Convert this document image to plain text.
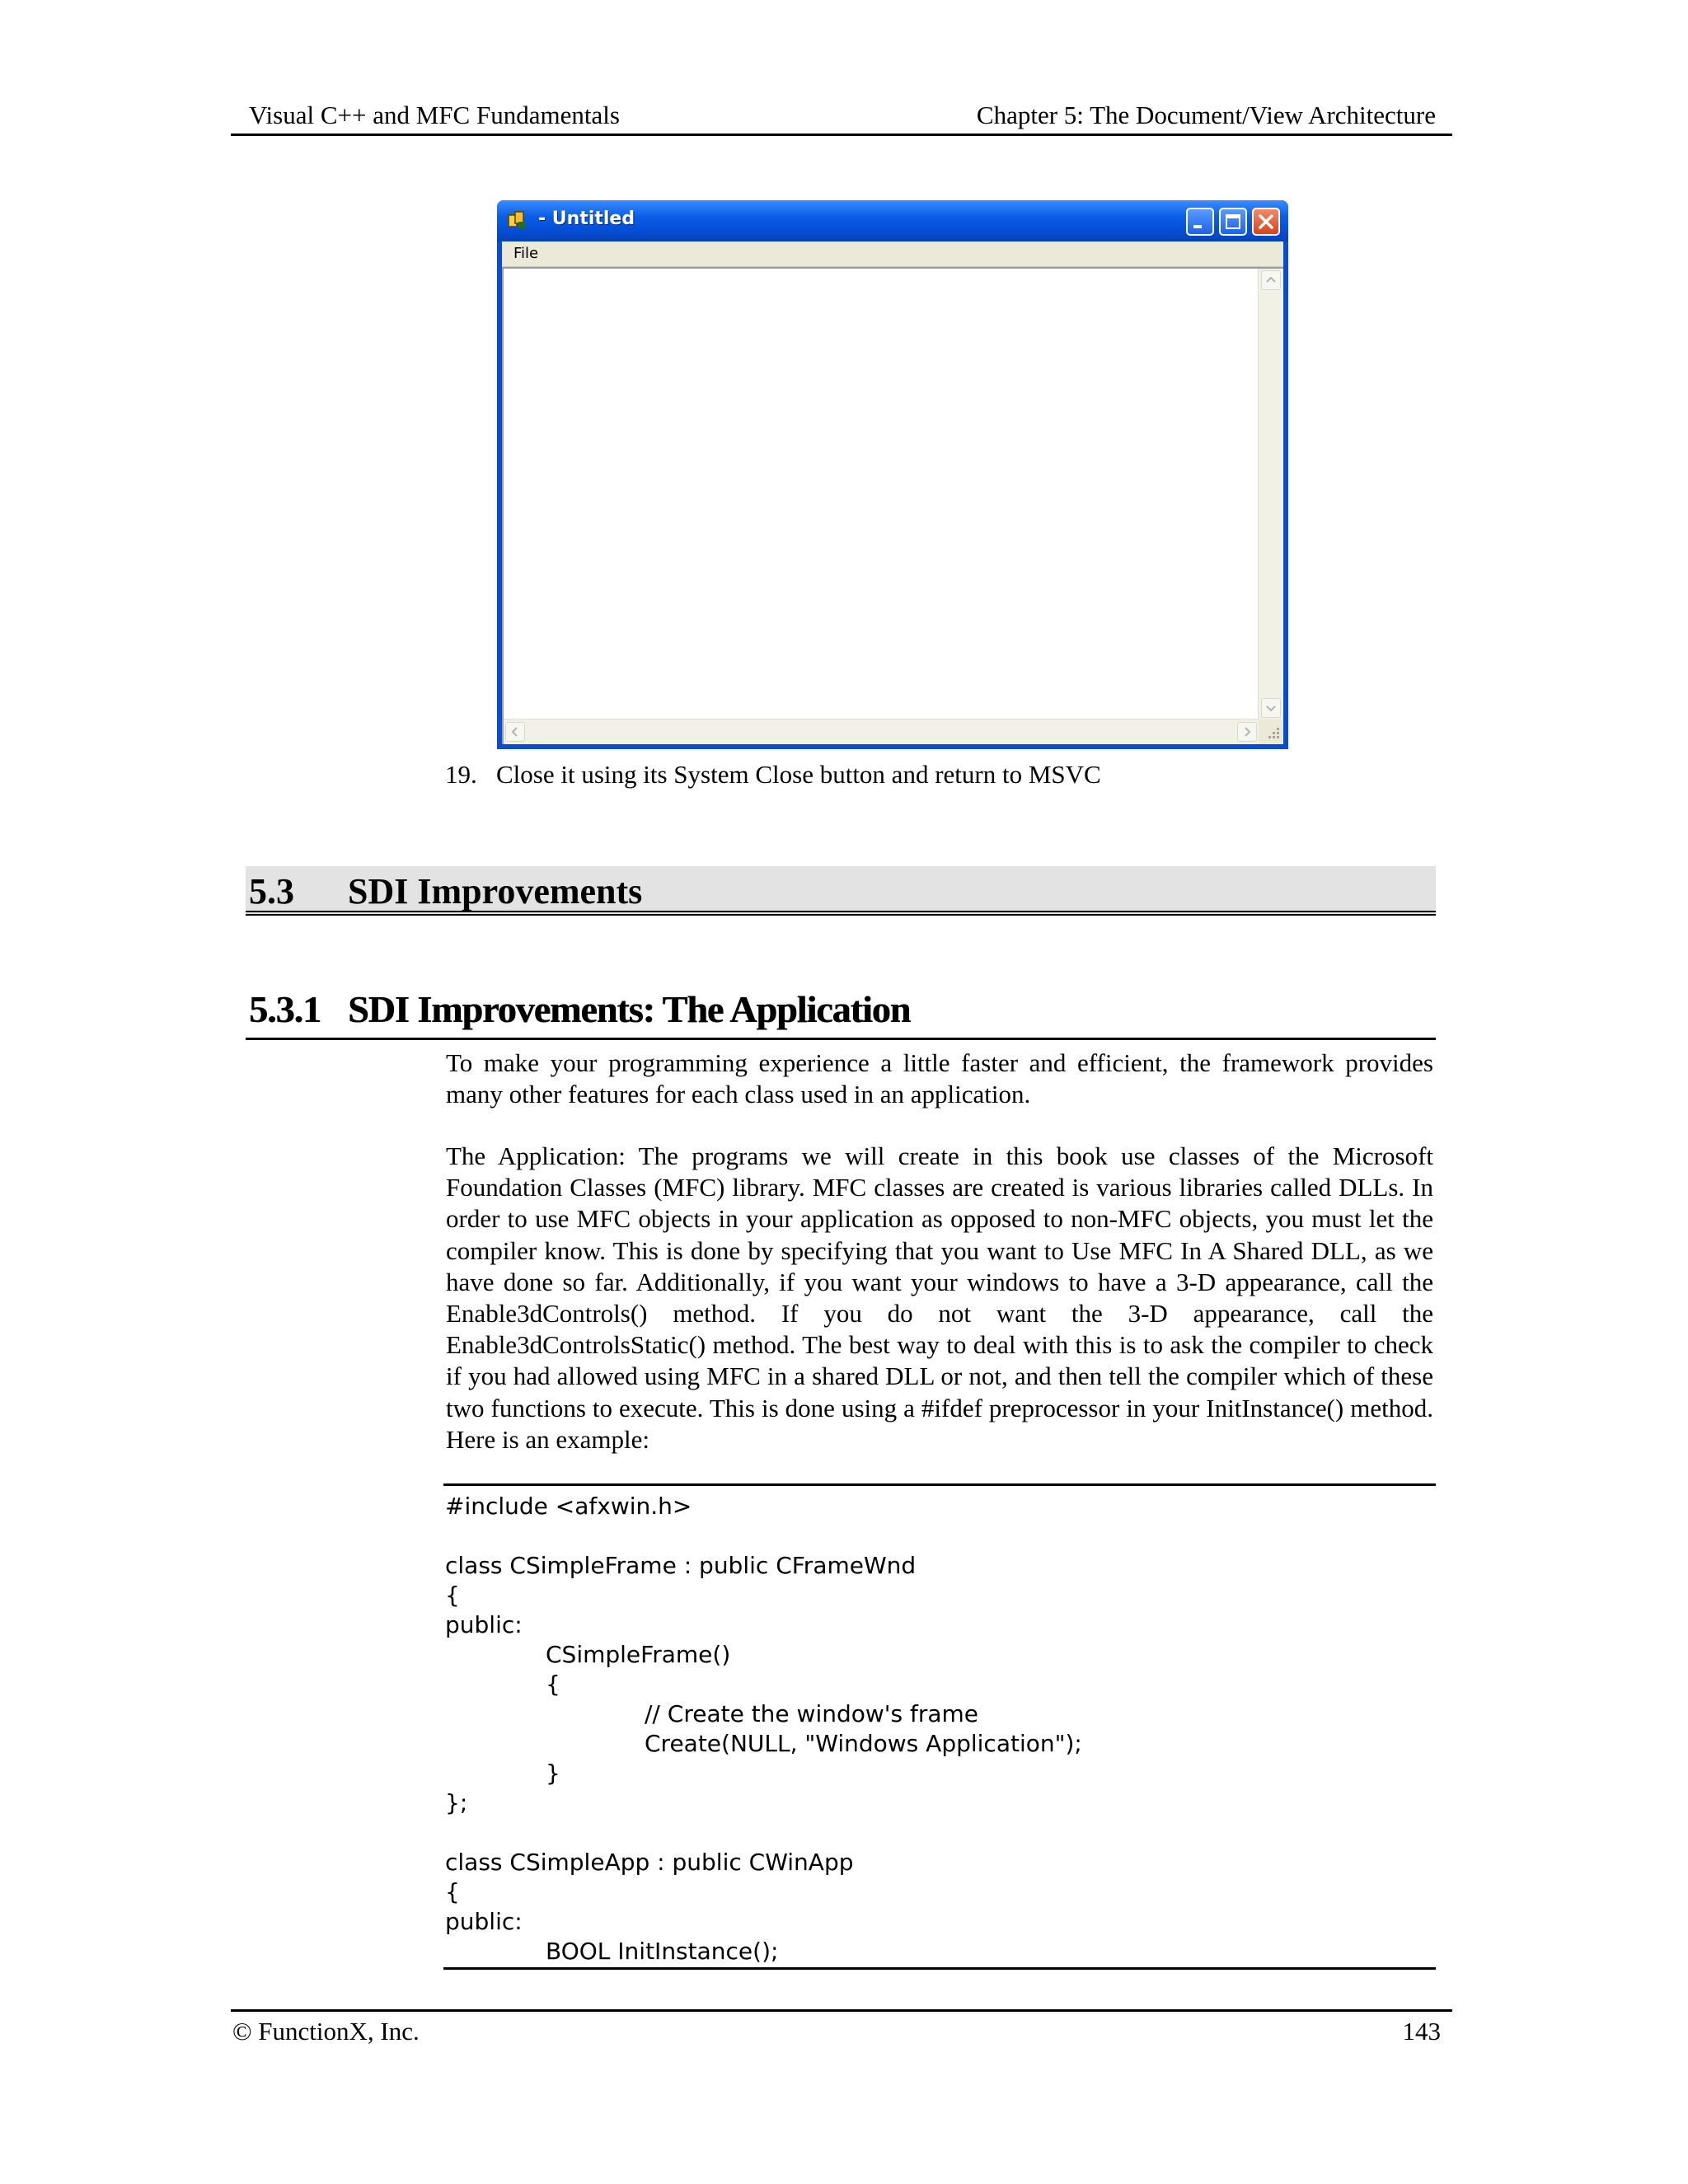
Visual C++ and MFC Fundamentals	Chapter 5: The Document/View Architecture
- Untitled
File
19. Close it using its System Close button and return to MSVC
5.3 SDI Improvements
5.3.1 SDI Improvements: The Application
To make your programming experience a little faster and efficient, the framework provides many other features for each class used in an application.
The Application: The programs we will create in this book use classes of the Microsoft Foundation Classes (MFC) library. MFC classes are created is various libraries called DLLs. In order to use MFC objects in your application as opposed to non-MFC objects, you must let the compiler know. This is done by specifying that you want to Use MFC In A Shared DLL, as we have done so far. Additionally, if you want your windows to have a 3-D appearance, call the Enable3dControls() method. If you do not want the 3-D appearance, call the Enable3dControlsStatic() method. The best way to deal with this is to ask the compiler to check if you had allowed using MFC in a shared DLL or not, and then tell the compiler which of these two functions to execute. This is done using a #ifdef preprocessor in your InitInstance() method. Here is an example:
#include <afxwin.h>
class CSimpleFrame : public CFrameWnd
{
public:
CSimpleFrame()
{
// Create the window's frame
Create(NULL, "Windows Application");
}
};
class CSimpleApp : public CWinApp
{
public:
BOOL InitInstance();
© FunctionX, Inc.	143
